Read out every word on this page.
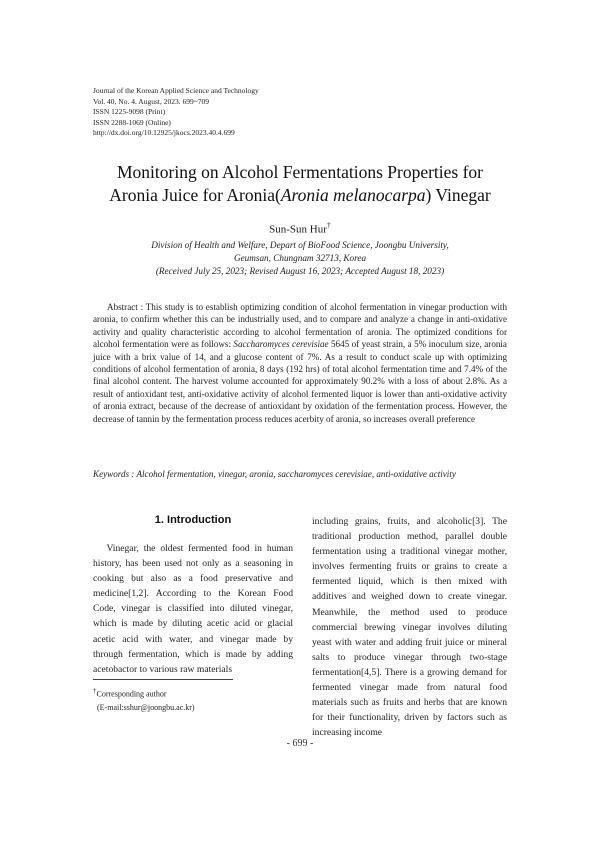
Journal of the Korean Applied Science and Technology
Vol. 40, No. 4. August, 2023. 699~709
ISSN 1225-9098 (Print)
ISSN 2288-1069 (Online)
http://dx.doi.org/10.12925/jkocs.2023.40.4.699
Monitoring on Alcohol Fermentations Properties for
Aronia Juice for Aronia(Aronia melanocarpa) Vinegar
Sun-Sun Hur†
Division of Health and Welfare, Depart of BioFood Science, Joongbu University,
Geumsan, Chungnam 32713, Korea
(Received July 25, 2023; Revised August 16, 2023; Accepted August 18, 2023)
Abstract : This study is to establish optimizing condition of alcohol fermentation in vinegar production with aronia, to confirm whether this can be industrially used, and to compare and analyze a change in anti-oxidative activity and quality characteristic according to alcohol fermentation of aronia. The optimized conditions for alcohol fermentation were as follows: Saccharomyces cerevisiae 5645 of yeast strain, a 5% inoculum size, aronia juice with a brix value of 14, and a glucose content of 7%. As a result to conduct scale up with optimizing conditions of alcohol fermentation of aronia, 8 days (192 hrs) of total alcohol fermentation time and 7.4% of the final alcohol content. The harvest volume accounted for approximately 90.2% with a loss of about 2.8%. As a result of antioxidant test, anti-oxidative activity of alcohol fermented liquor is lower than anti-oxidative activity of aronia extract, because of the decrease of antioxidant by oxidation of the fermentation process. However, the decrease of tannin by the fermentation process reduces acerbity of aronia, so increases overall preference
Keywords : Alcohol fermentation, vinegar, aronia, saccharomyces cerevisiae, anti-oxidative activity
1. Introduction

Vinegar, the oldest fermented food in human history, has been used not only as a seasoning in cooking but also as a food preservative and medicine[1,2]. According to the Korean Food Code, vinegar is classified into diluted vinegar, which is made by diluting acetic acid or glacial acetic acid with water, and vinegar made by through fermentation, which is made by adding acetobactor to various raw materials

including grains, fruits, and alcoholic[3]. The traditional production method, parallel double fermentation using a traditional vinegar mother, involves fermenting fruits or grains to create a fermented liquid, which is then mixed with additives and weighed down to create vinegar. Meanwhile, the method used to produce commercial brewing vinegar involves diluting yeast with water and adding fruit juice or mineral salts to produce vinegar through two-stage fermentation[4,5]. There is a growing demand for fermented vinegar made from natural food materials such as fruits and herbs that are known for their functionality, driven by factors such as increasing income

†Corresponding author
(E-mail:sshur@joongbu.ac.kr)
- 699 -
